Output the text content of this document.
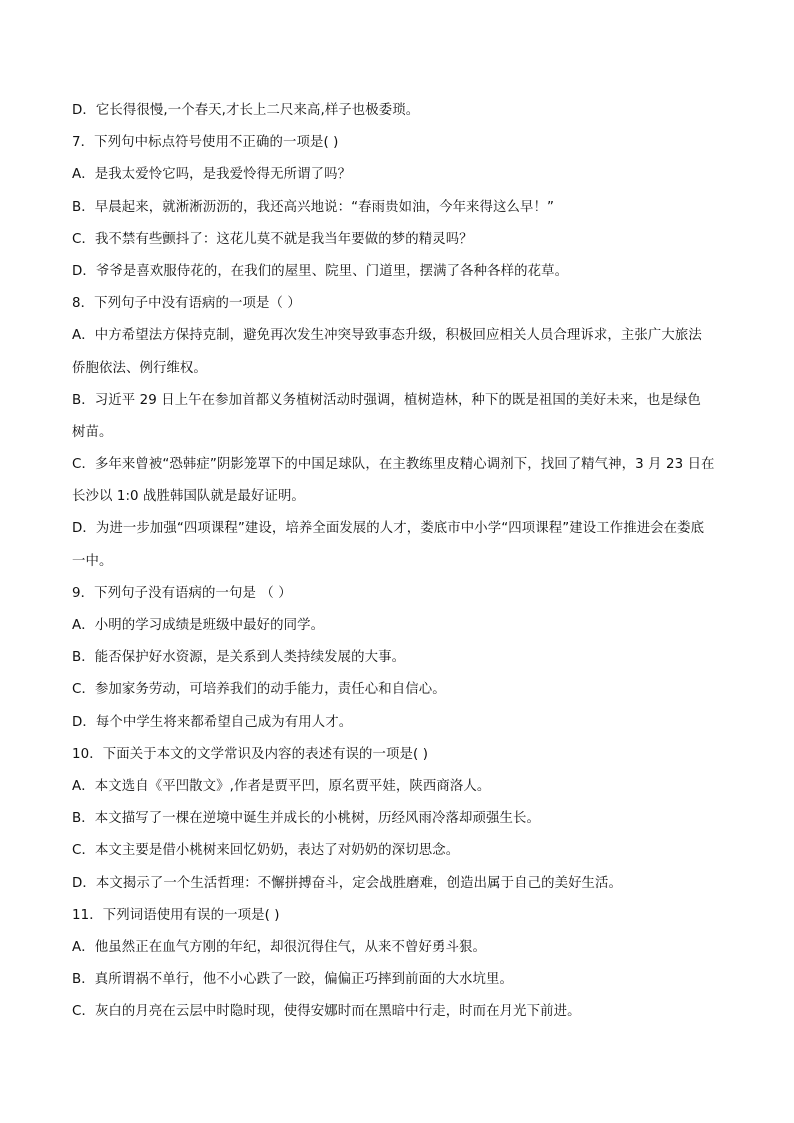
D．它长得很慢,一个春天,才长上二尺来高,样子也极委琐。
7．下列句中标点符号使用不正确的一项是( )
A．是我太爱怜它吗，是我爱怜得无所谓了吗？
B．早晨起来，就淅淅沥沥的，我还高兴地说：“春雨贵如油，今年来得这么早！”
C．我不禁有些颤抖了：这花儿莫不就是我当年要做的梦的精灵吗？
D．爷爷是喜欢服侍花的，在我们的屋里、院里、门道里，摆满了各种各样的花草。
8．下列句子中没有语病的一项是（ ）
A．中方希望法方保持克制，避免再次发生冲突导致事态升级，积极回应相关人员合理诉求，主张广大旅法
侨胞依法、例行维权。
B．习近平 29 日上午在参加首都义务植树活动时强调，植树造林，种下的既是祖国的美好未来，也是绿色
树苗。
C．多年来曾被“恐韩症”阴影笼罩下的中国足球队，在主教练里皮精心调剂下，找回了精气神，3 月 23 日在
长沙以 1:0 战胜韩国队就是最好证明。
D．为进一步加强“四项课程”建设，培养全面发展的人才，娄底市中小学“四项课程”建设工作推进会在娄底
一中。
9．下列句子没有语病的一句是 （ ）
A．小明的学习成绩是班级中最好的同学。
B．能否保护好水资源，是关系到人类持续发展的大事。
C．参加家务劳动，可培养我们的动手能力，责任心和自信心。
D．每个中学生将来都希望自己成为有用人才。
10．下面关于本文的文学常识及内容的表述有误的一项是( )
A．本文选自《平凹散文》,作者是贾平凹，原名贾平娃，陕西商洛人。
B．本文描写了一棵在逆境中诞生并成长的小桃树，历经风雨冷落却顽强生长。
C．本文主要是借小桃树来回忆奶奶，表达了对奶奶的深切思念。
D．本文揭示了一个生活哲理：不懈拼搏奋斗，定会战胜磨难，创造出属于自己的美好生活。
11．下列词语使用有误的一项是( )
A．他虽然正在血气方刚的年纪，却很沉得住气，从来不曾好勇斗狠。
B．真所谓祸不单行，他不小心跌了一跤，偏偏正巧摔到前面的大水坑里。
C．灰白的月亮在云层中时隐时现，使得安娜时而在黑暗中行走，时而在月光下前进。
